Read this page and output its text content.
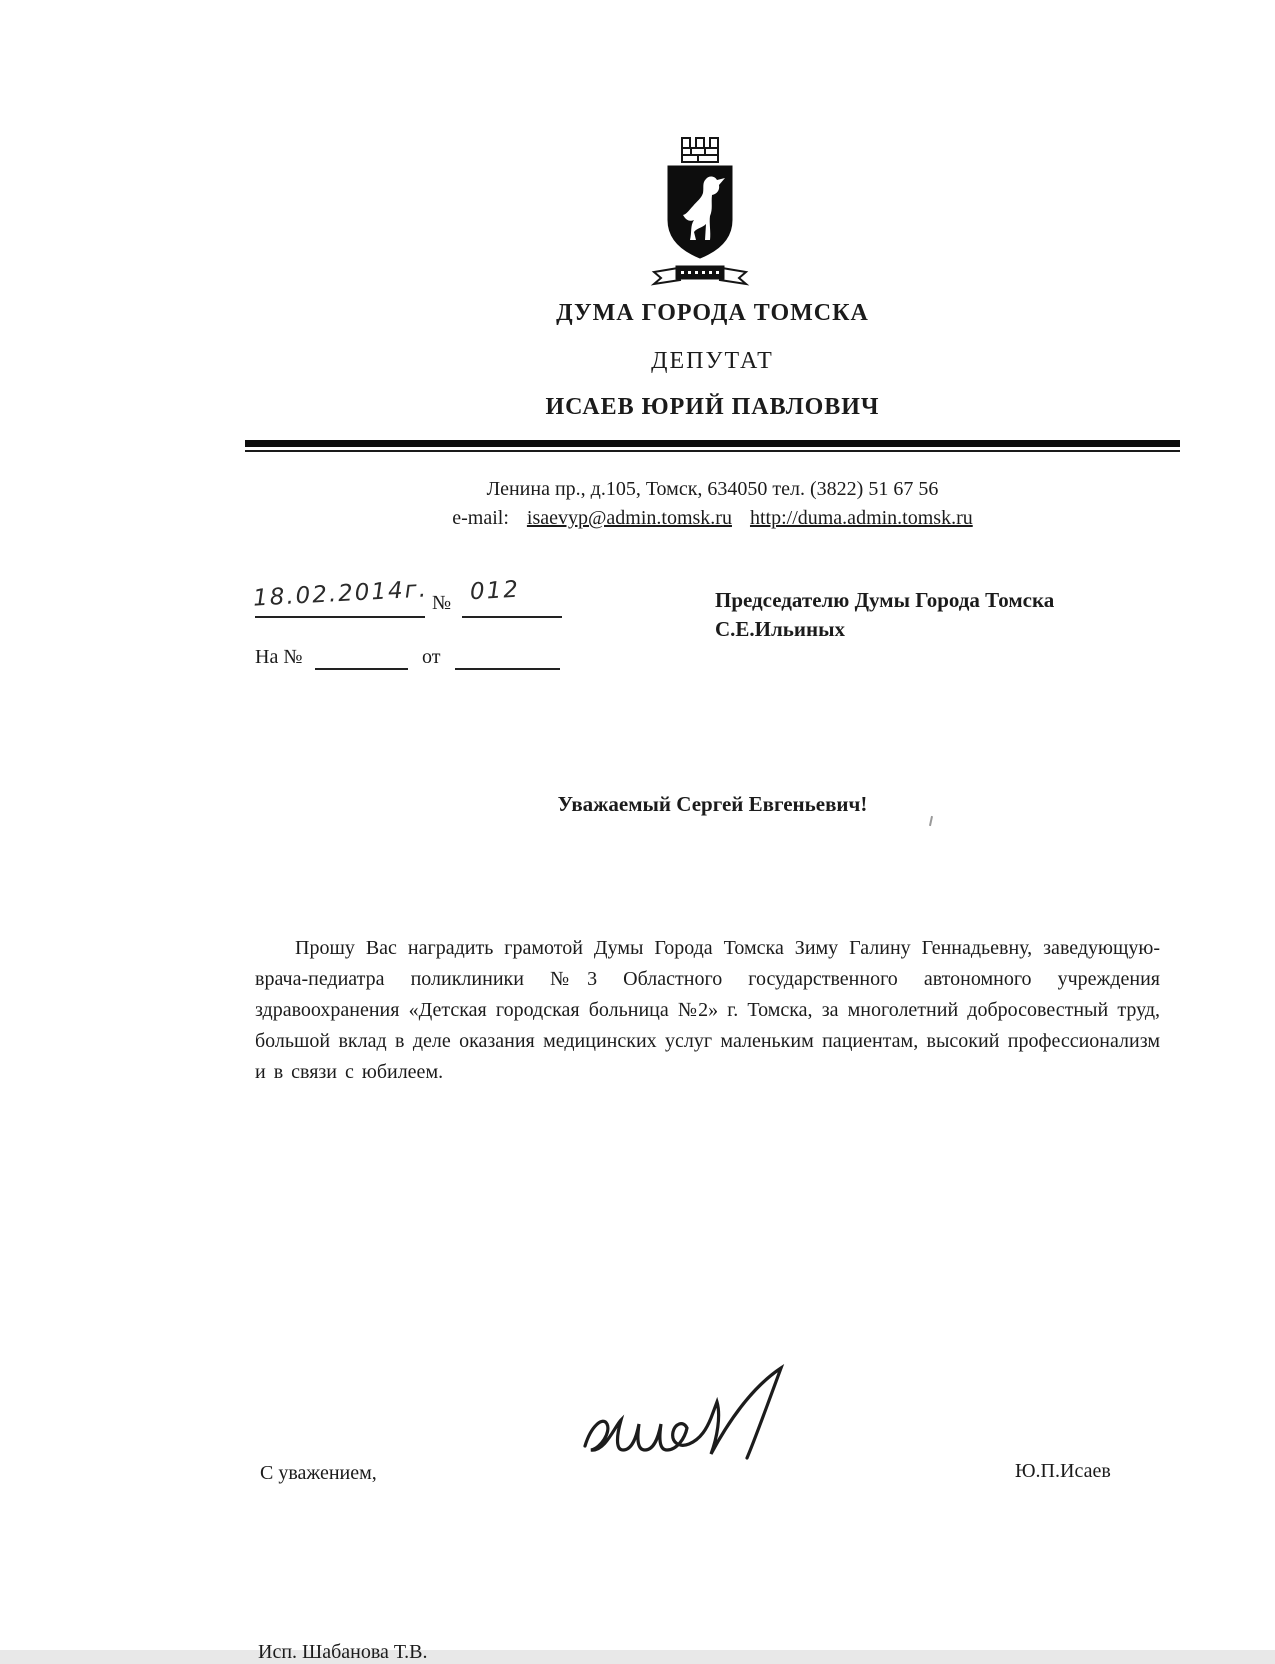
ДУМА ГОРОДА ТОМСКА
ДЕПУТАТ
ИСАЕВ ЮРИЙ ПАВЛОВИЧ
Ленина пр., д.105, Томск, 634050 тел. (3822) 51 67 56
e-mail: isaevyp@admin.tomsk.ru http://duma.admin.tomsk.ru
18.02.2014г. № 012
На №	от
Председателю Думы Города Томска
С.Е.Ильиных
Уважаемый Сергей Евгеньевич!
Прошу Вас наградить грамотой Думы Города Томска Зиму Галину Геннадьевну, заведующую-врача-педиатра поликлиники №3 Областного государственного автономного учреждения здравоохранения «Детская городская больница №2» г. Томска, за многолетний добросовестный труд, большой вклад в деле оказания медицинских услуг маленьким пациентам, высокий профессионализм и в связи с юбилеем.
С уважением,	Ю.П.Исаев
Исп. Шабанова Т.В.
